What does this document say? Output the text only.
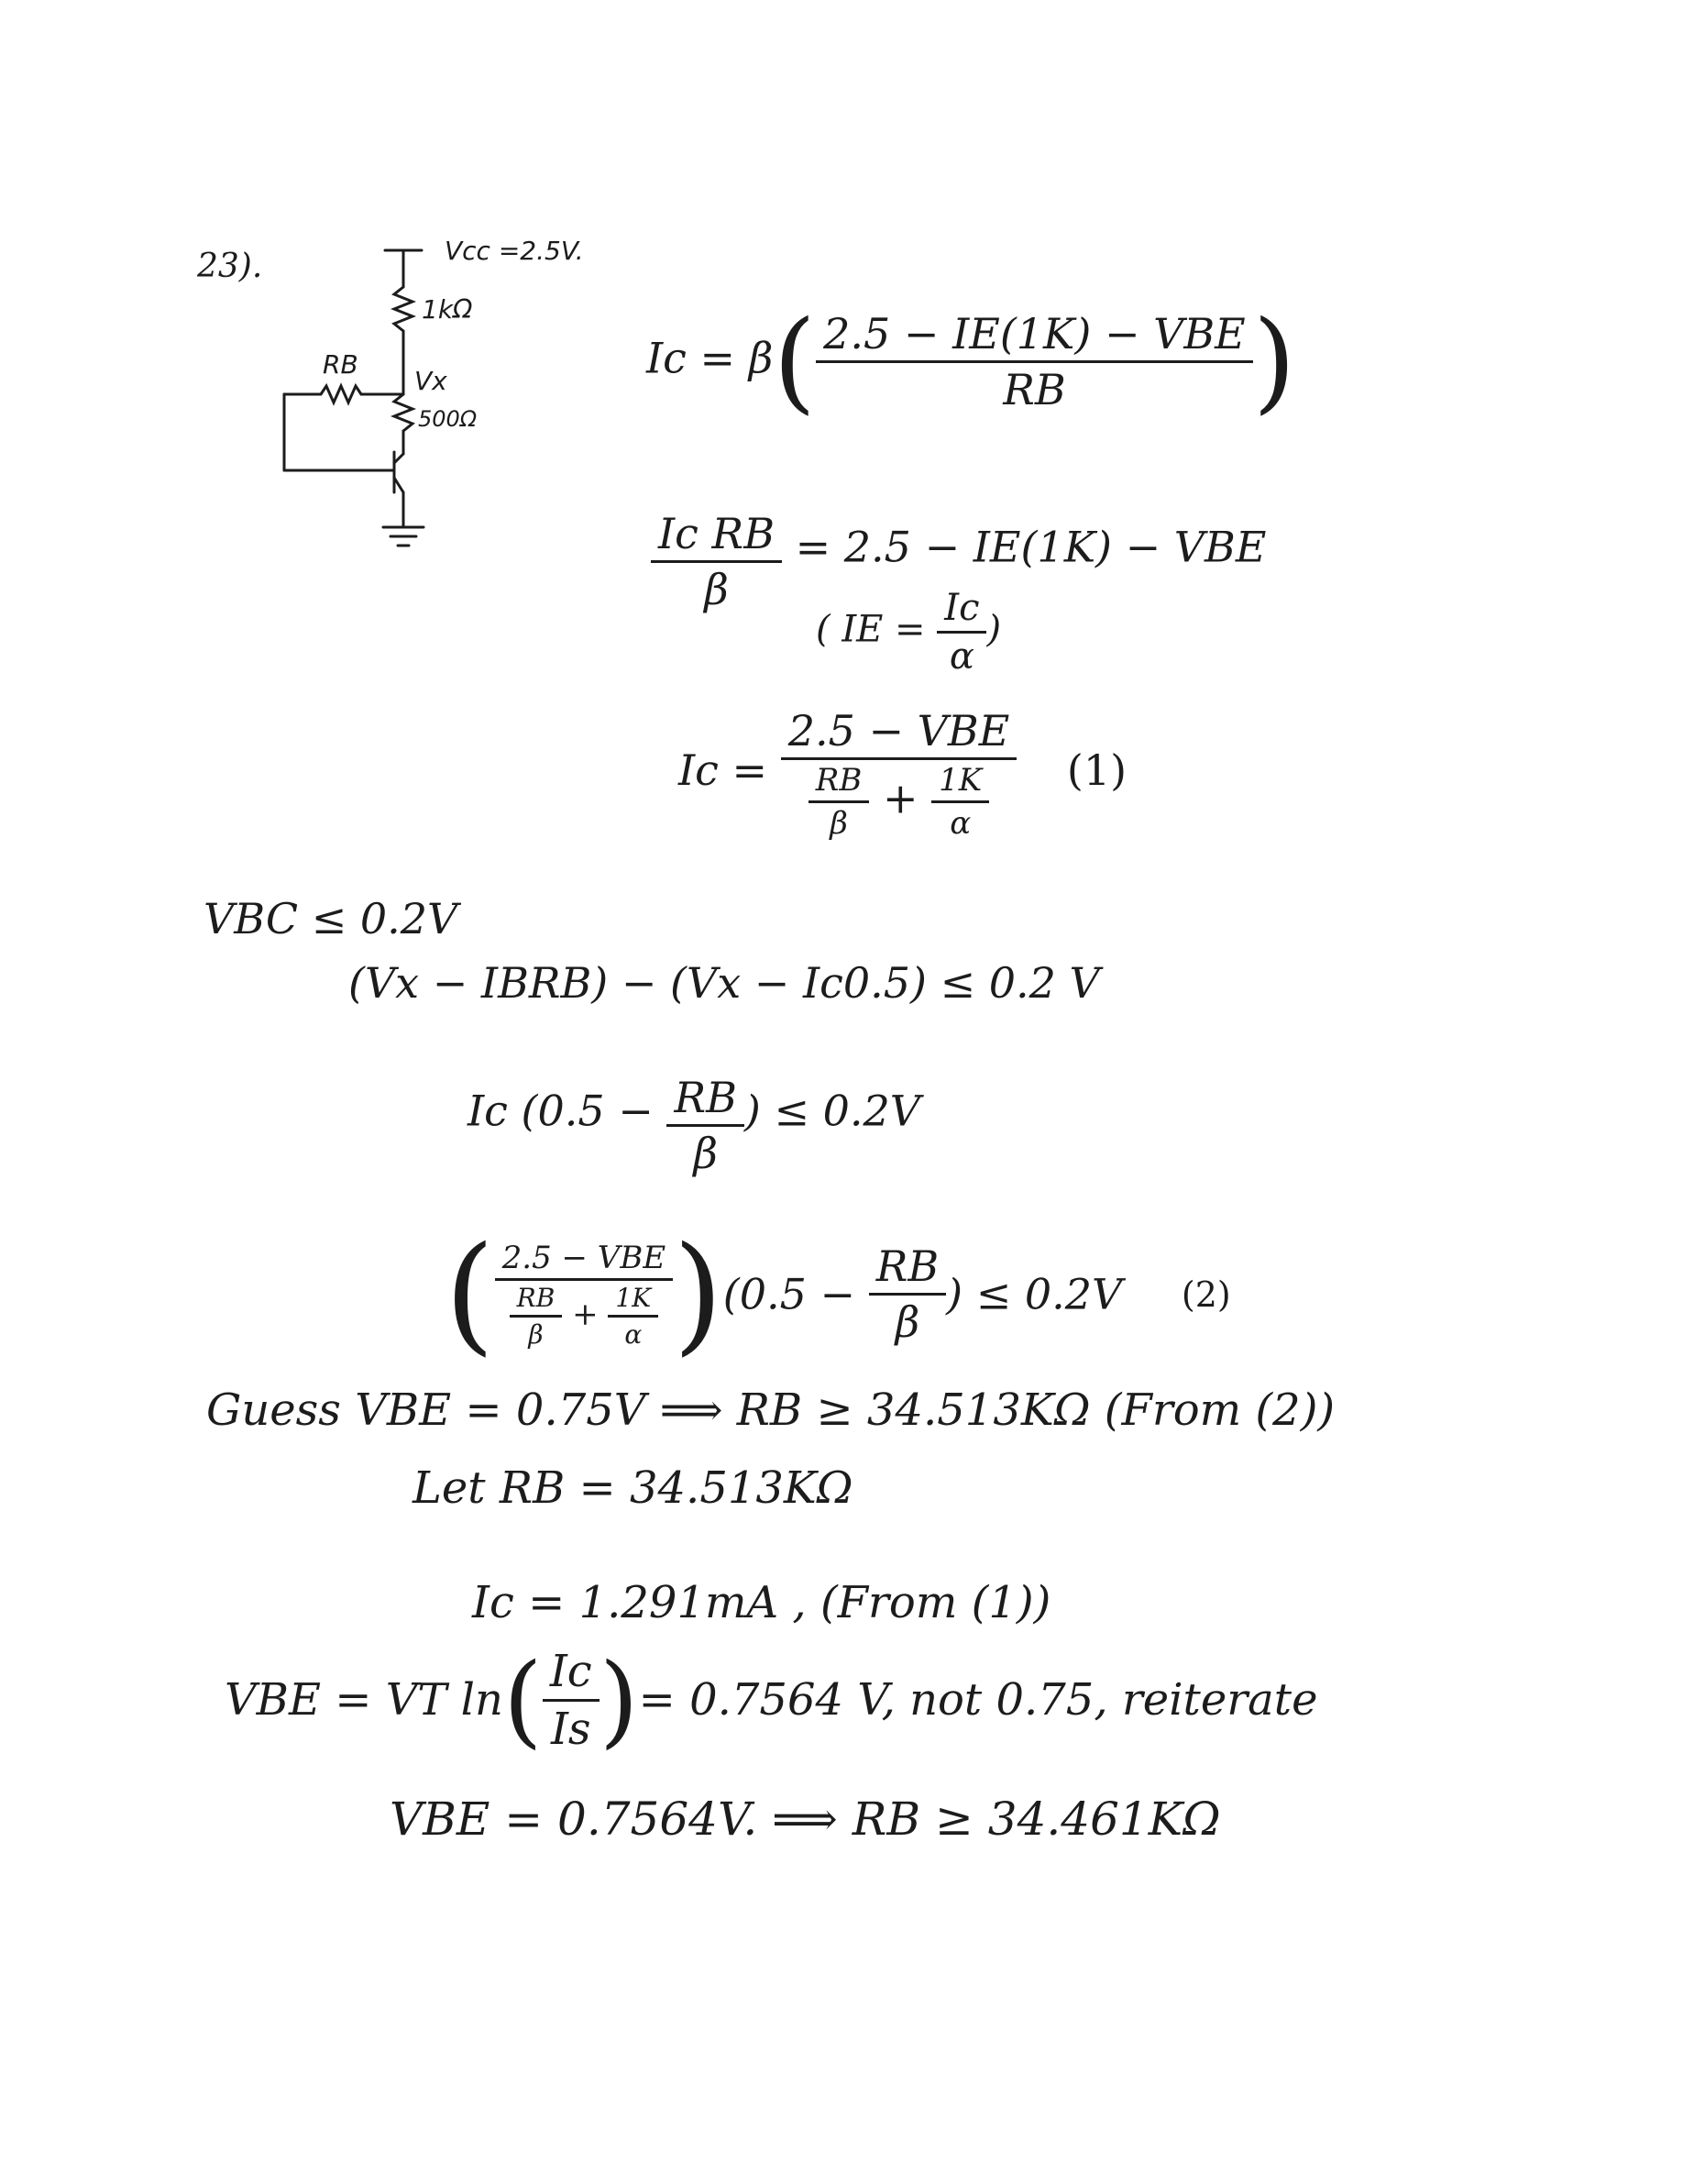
23).	Vcc =2.5V.
1kΩ
RB
Vx
500Ω
$Ic = \beta( \frac{\text{2.5 − IE(1K) − VBE}}{RB}$ )
$\frac{\text{Ic RB}}{\beta} = 2.5 - IE(1K)$ − VBE
( IE = $\frac{Ic}{\alpha}$ )
$Ic = \frac{\text{2.5 − VBE}}{\frac{RB}{\beta} + \frac{1K}{\alpha}} (1)$
VBC ≤ 0.2V
(Vx − IBRB) − (Vx − Ic0.5) ≤ 0.2 V
Ic ($0.5 - \frac{RB}{\beta}$ ) ≤ 0.2V
( $\frac{\text{2.5 − VBE}}{\frac{RB}{\beta} + \frac{1K}{\alpha}} )(0.5 - \frac{RB}{\beta}$ ) ≤ 0.2V (2)
Guess VBE = 0.75V ⟹ RB ≥ 34.513KΩ (From (2))
Let RB = 34.513KΩ
Ic = 1.291mA , (From (1))
VBE = VT $\ln( \frac{Ic}{Is}$ )= 0.7564 V, not 0.75, reiterate
VBE = 0.7564V. ⟹ RB ≥ 34.461KΩ
